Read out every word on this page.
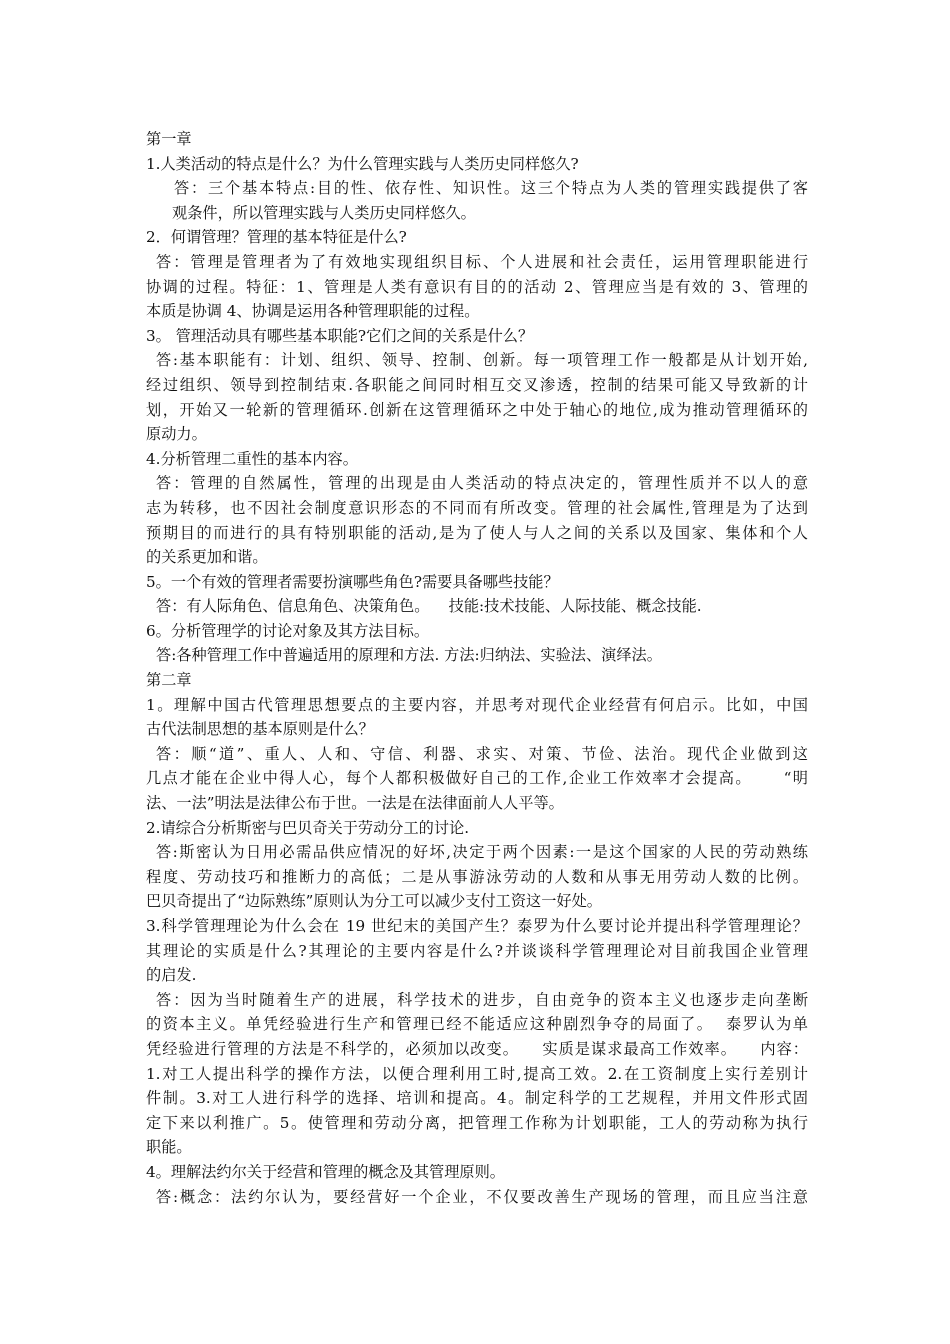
第一章
1.人类活动的特点是什么？为什么管理实践与人类历史同样悠久?
答：三个基本特点:目的性、依存性、知识性。这三个特点为人类的管理实践提供了客
观条件，所以管理实践与人类历史同样悠久。
2．何谓管理？管理的基本特征是什么?
答：管理是管理者为了有效地实现组织目标、个人进展和社会责任，运用管理职能进行
协调的过程。特征：1、管理是人类有意识有目的的活动 2、管理应当是有效的 3、管理的
本质是协调 4、协调是运用各种管理职能的过程。
3。 管理活动具有哪些基本职能?它们之间的关系是什么？
答:基本职能有：计划、组织、领导、控制、创新。每一项管理工作一般都是从计划开始,
经过组织、领导到控制结束.各职能之间同时相互交叉渗透，控制的结果可能又导致新的计
划，开始又一轮新的管理循环.创新在这管理循环之中处于轴心的地位,成为推动管理循环的
原动力。
4.分析管理二重性的基本内容。
答：管理的自然属性，管理的出现是由人类活动的特点决定的，管理性质并不以人的意
志为转移，也不因社会制度意识形态的不同而有所改变。管理的社会属性,管理是为了达到
预期目的而进行的具有特别职能的活动,是为了使人与人之间的关系以及国家、集体和个人
的关系更加和谐。
5。一个有效的管理者需要扮演哪些角色?需要具备哪些技能？
答：有人际角色、信息角色、决策角色。    技能:技术技能、人际技能、概念技能.
6。分析管理学的讨论对象及其方法目标。
答:各种管理工作中普遍适用的原理和方法. 方法:归纳法、实验法、演绎法。
第二章
1。理解中国古代管理思想要点的主要内容，并思考对现代企业经营有何启示。比如，中国
古代法制思想的基本原则是什么？
答：顺“道”、重人、人和、守信、利器、求实、对策、节俭、法治。现代企业做到这
几点才能在企业中得人心，每个人都积极做好自己的工作,企业工作效率才会提高。     “明
法、一法”明法是法律公布于世。一法是在法律面前人人平等。
2.请综合分析斯密与巴贝奇关于劳动分工的讨论.
答:斯密认为日用必需品供应情况的好坏,决定于两个因素:一是这个国家的人民的劳动熟练
程度、劳动技巧和推断力的高低；二是从事游泳劳动的人数和从事无用劳动人数的比例。
巴贝奇提出了“边际熟练”原则认为分工可以减少支付工资这一好处。
3.科学管理理论为什么会在 19 世纪末的美国产生？泰罗为什么要讨论并提出科学管理理论？
其理论的实质是什么?其理论的主要内容是什么?并谈谈科学管理理论对目前我国企业管理
的启发.
答：因为当时随着生产的进展，科学技术的进步，自由竞争的资本主义也逐步走向垄断
的资本主义。单凭经验进行生产和管理已经不能适应这种剧烈争夺的局面了。  泰罗认为单
凭经验进行管理的方法是不科学的，必须加以改变。    实质是谋求最高工作效率。    内容：
1.对工人提出科学的操作方法，以便合理利用工时,提高工效。2.在工资制度上实行差别计
件制。3.对工人进行科学的选择、培训和提高。4。制定科学的工艺规程，并用文件形式固
定下来以利推广。5。使管理和劳动分离，把管理工作称为计划职能，工人的劳动称为执行
职能。
4。理解法约尔关于经营和管理的概念及其管理原则。
答:概念：法约尔认为，要经营好一个企业，不仅要改善生产现场的管理，而且应当注意
